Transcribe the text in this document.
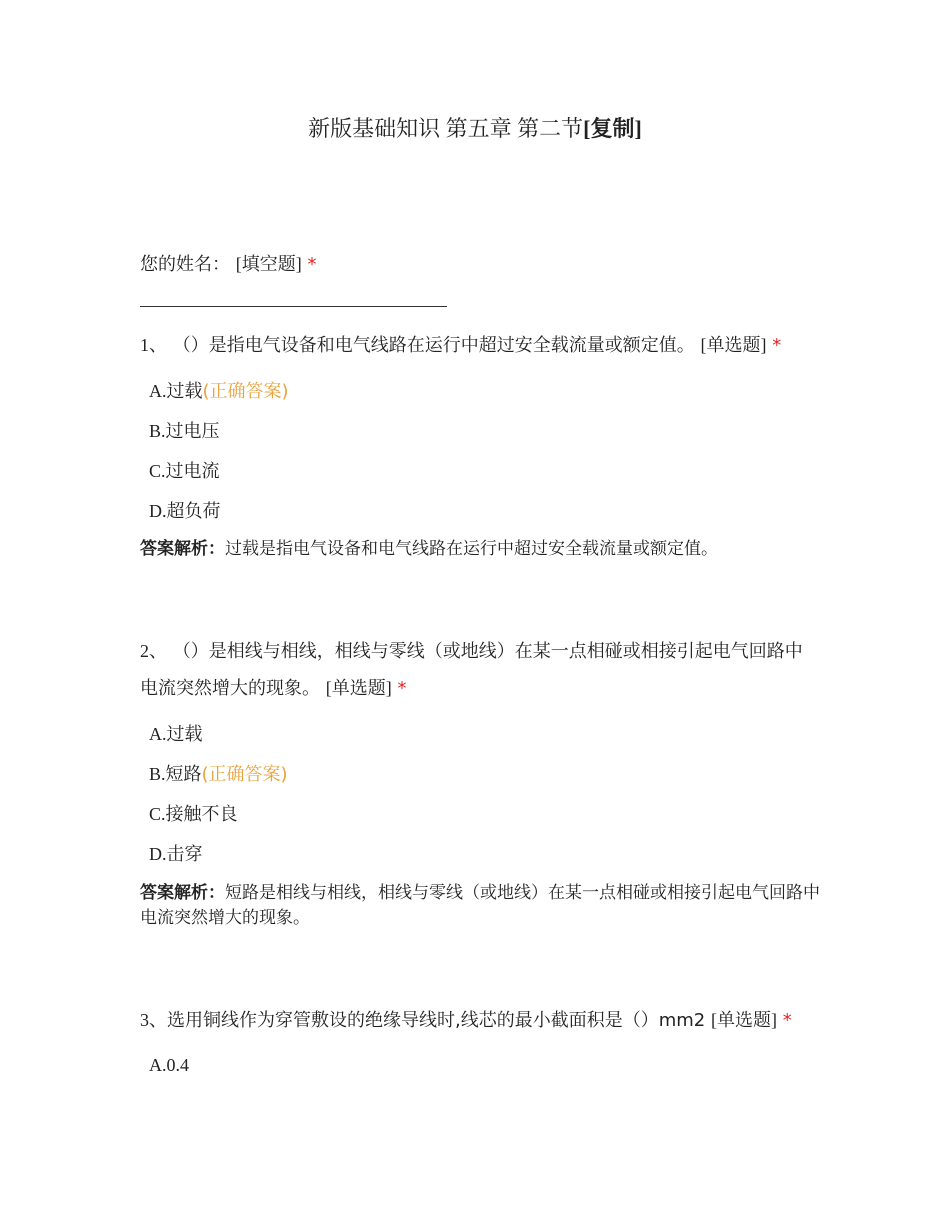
新版基础知识 第五章 第二节[复制]
您的姓名： [填空题] *
1、 （）是指电气设备和电气线路在运行中超过安全载流量或额定值。 [单选题] *
A.过载(正确答案)
B.过电压
C.过电流
D.超负荷
答案解析：过载是指电气设备和电气线路在运行中超过安全载流量或额定值。
2、 （）是相线与相线，相线与零线（或地线）在某一点相碰或相接引起电气回路中电流突然增大的现象。 [单选题] *
A.过载
B.短路(正确答案)
C.接触不良
D.击穿
答案解析：短路是相线与相线，相线与零线（或地线）在某一点相碰或相接引起电气回路中电流突然增大的现象。
3、选用铜线作为穿管敷设的绝缘导线时,线芯的最小截面积是（）mm2 [单选题] *
A.0.4
